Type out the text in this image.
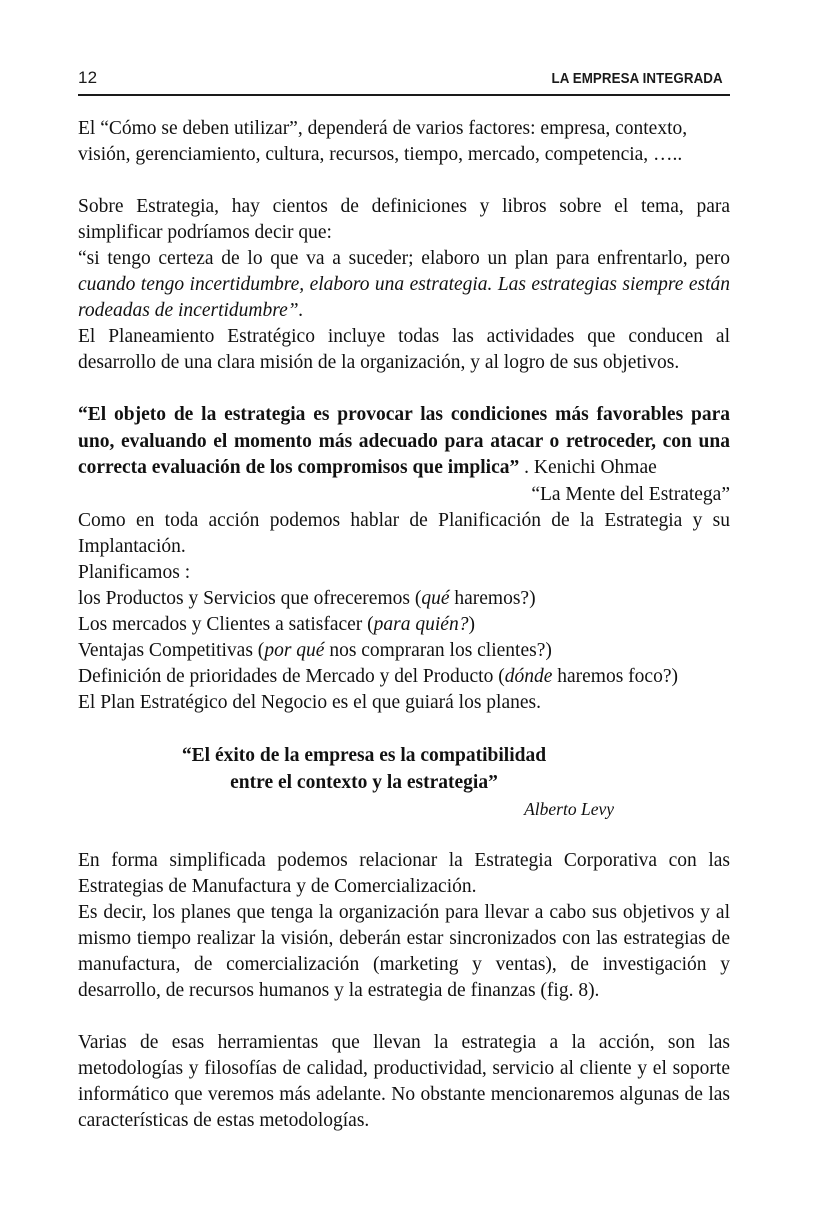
12	LA EMPRESA INTEGRADA

El “Cómo se deben utilizar”, dependerá de varios factores: empresa, contexto,

visión, gerenciamiento, cultura, recursos, tiempo, mercado, competencia, …..

Sobre Estrategia, hay cientos de definiciones y libros sobre el tema, para simplificar podríamos decir que:

“si tengo certeza de lo que va a suceder; elaboro un plan para enfrentarlo, pero cuando tengo incertidumbre, elaboro una estrategia. Las estrategias siempre están rodeadas de incertidumbre”.

El Planeamiento Estratégico incluye todas las actividades que conducen al desarrollo de una clara misión de la organización, y al logro de sus objetivos.

“El objeto de la estrategia es provocar las condiciones más favorables para uno, evaluando el momento más adecuado para atacar o retroceder, con una correcta evaluación de los compromisos que implica” . Kenichi Ohmae

“La Mente del Estratega”

Como en toda acción podemos hablar de Planificación de la Estrategia y su Implantación.

Planificamos :

los Productos y Servicios que ofreceremos (qué haremos?)

Los mercados y Clientes a satisfacer (para quién?)

Ventajas Competitivas (por qué nos compraran los clientes?)

Definición de prioridades de Mercado y del Producto (dónde haremos foco?)

El Plan Estratégico del Negocio es el que guiará los planes.

“El éxito de la empresa es la compatibilidad

entre el contexto y la estrategia”

Alberto Levy

En forma simplificada podemos relacionar la Estrategia Corporativa con las Estrategias de Manufactura y de Comercialización.

Es decir, los planes que tenga la organización para llevar a cabo sus objetivos y al mismo tiempo realizar la visión, deberán estar sincronizados con las estrategias de manufactura, de comercialización (marketing y ventas), de investigación y desarrollo, de recursos humanos y la estrategia de finanzas (fig. 8).

Varias de esas herramientas que llevan la estrategia a la acción, son las metodologías y filosofías de calidad, productividad, servicio al cliente y el soporte informático que veremos más adelante. No obstante mencionaremos algunas de las características de estas metodologías.
